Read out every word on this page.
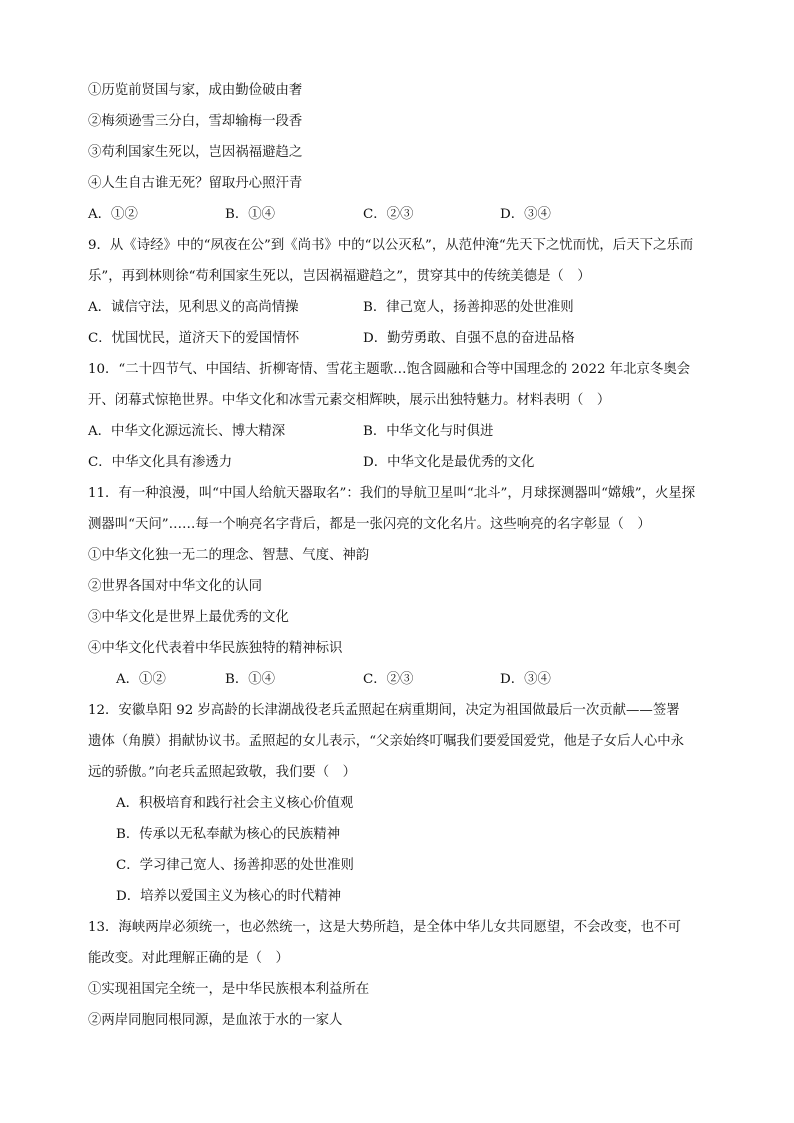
①历览前贤国与家，成由勤俭破由奢
②梅须逊雪三分白，雪却输梅一段香
③苟利国家生死以，岂因祸福避趋之
④人生自古谁无死？留取丹心照汗青
A．①②	B．①④	C．②③	D．③④
9．从《诗经》中的“夙夜在公”到《尚书》中的“以公灭私”，从范仲淹“先天下之忧而忧，后天下之乐而
乐”，再到林则徐“苟利国家生死以，岂因祸福避趋之”，贯穿其中的传统美德是（　）
A．诚信守法，见利思义的高尚情操	B．律己宽人，扬善抑恶的处世准则
C．忧国忧民，道济天下的爱国情怀	D．勤劳勇敢、自强不息的奋进品格
10．“二十四节气、中国结、折柳寄情、雪花主题歌…饱含圆融和合等中国理念的 2022 年北京冬奥会
开、闭幕式惊艳世界。中华文化和冰雪元素交相辉映，展示出独特魅力。材料表明（　）
A．中华文化源远流长、博大精深	B．中华文化与时俱进
C．中华文化具有渗透力	D．中华文化是最优秀的文化
11．有一种浪漫，叫“中国人给航天器取名”：我们的导航卫星叫“北斗”，月球探测器叫“嫦娥”，火星探
测器叫“天问”……每一个响亮名字背后，都是一张闪亮的文化名片。这些响亮的名字彰显（　）
①中华文化独一无二的理念、智慧、气度、神韵
②世界各国对中华文化的认同
③中华文化是世界上最优秀的文化
④中华文化代表着中华民族独特的精神标识
A．①②	B．①④	C．②③	D．③④
12．安徽阜阳 92 岁高龄的长津湖战役老兵孟照起在病重期间，决定为祖国做最后一次贡献——签署
遗体（角膜）捐献协议书。孟照起的女儿表示，“父亲始终叮嘱我们要爱国爱党，他是子女后人心中永
远的骄傲。”向老兵孟照起致敬，我们要（　）
A．积极培育和践行社会主义核心价值观
B．传承以无私奉献为核心的民族精神
C．学习律己宽人、扬善抑恶的处世准则
D．培养以爱国主义为核心的时代精神
13．海峡两岸必须统一，也必然统一，这是大势所趋，是全体中华儿女共同愿望，不会改变，也不可
能改变。对此理解正确的是（　）
①实现祖国完全统一，是中华民族根本利益所在
②两岸同胞同根同源，是血浓于水的一家人
